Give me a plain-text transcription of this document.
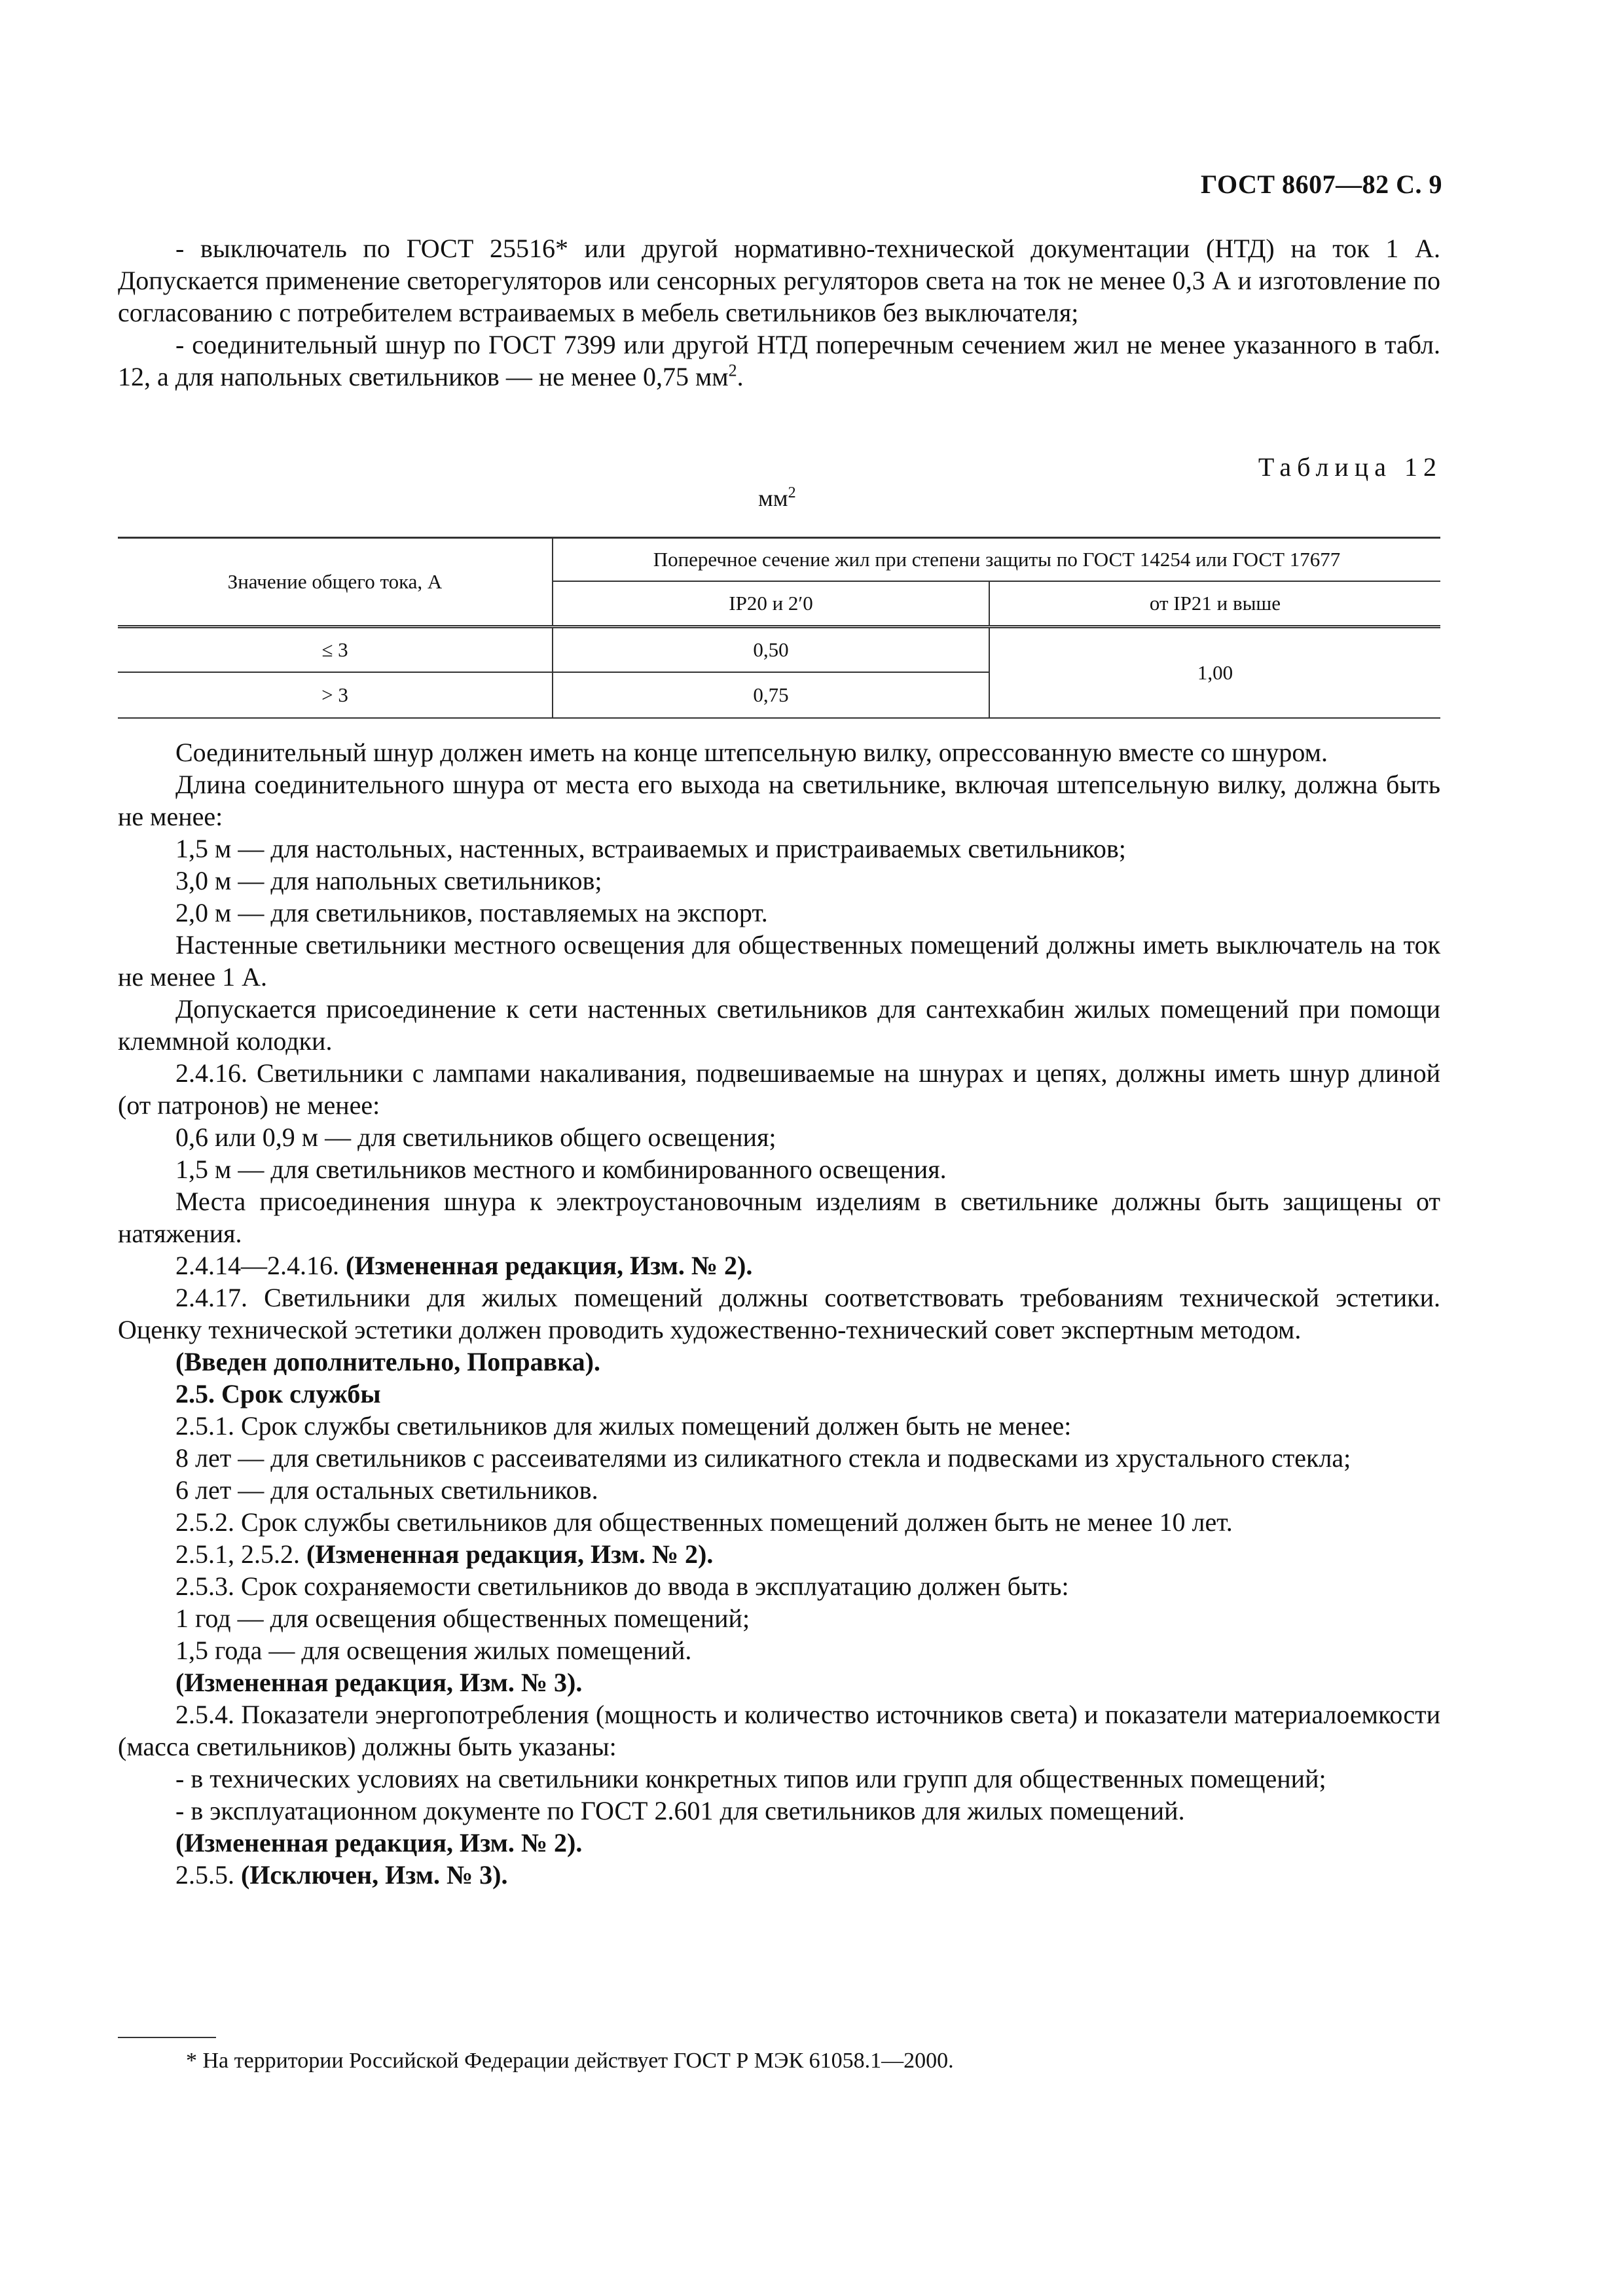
ГОСТ 8607—82 С. 9

- выключатель по ГОСТ 25516* или другой нормативно-технической документации (НТД) на ток 1 А. Допускается применение светорегуляторов или сенсорных регуляторов света на ток не менее 0,3 А и изготовление по согласованию с потребителем встраиваемых в мебель светильников без выключателя;

- соединительный шнур по ГОСТ 7399 или другой НТД поперечным сечением жил не менее указанного в табл. 12, а для напольных светильников — не менее 0,75 $мм^2$.

Таблица 12
$мм^2$
Значение общего тока, А	Поперечное сечение жил при степени защиты по ГОСТ 14254 или ГОСТ 17677	
	IP20 и 2′0	от IP21 и выше
≤ 3	0,50	1,00
> 3	0,75	

Соединительный шнур должен иметь на конце штепсельную вилку, опрессованную вместе со шнуром.

Длина соединительного шнура от места его выхода на светильнике, включая штепсельную вилку, должна быть не менее:

1,5 м — для настольных, настенных, встраиваемых и пристраиваемых светильников;

3,0 м — для напольных светильников;

2,0 м — для светильников, поставляемых на экспорт.

Настенные светильники местного освещения для общественных помещений должны иметь выключатель на ток не менее 1 А.

Допускается присоединение к сети настенных светильников для сантехкабин жилых помещений при помощи клеммной колодки.

2.4.16. Светильники с лампами накаливания, подвешиваемые на шнурах и цепях, должны иметь шнур длиной (от патронов) не менее:

0,6 или 0,9 м — для светильников общего освещения;

1,5 м — для светильников местного и комбинированного освещения.

Места присоединения шнура к электроустановочным изделиям в светильнике должны быть защищены от натяжения.

2.4.14—2.4.16. (Измененная редакция, Изм. № 2).

2.4.17. Светильники для жилых помещений должны соответствовать требованиям технической эстетики. Оценку технической эстетики должен проводить художественно-технический совет экспертным методом.

(Введен дополнительно, Поправка).

2.5. Срок службы

2.5.1. Срок службы светильников для жилых помещений должен быть не менее:

8 лет — для светильников с рассеивателями из силикатного стекла и подвесками из хрустального стекла;

6 лет — для остальных светильников.

2.5.2. Срок службы светильников для общественных помещений должен быть не менее 10 лет.

2.5.1, 2.5.2. (Измененная редакция, Изм. № 2).

2.5.3. Срок сохраняемости светильников до ввода в эксплуатацию должен быть:

1 год — для освещения общественных помещений;

1,5 года — для освещения жилых помещений.

(Измененная редакция, Изм. № 3).

2.5.4. Показатели энергопотребления (мощность и количество источников света) и показатели материалоемкости (масса светильников) должны быть указаны:

- в технических условиях на светильники конкретных типов или групп для общественных помещений;

- в эксплуатационном документе по ГОСТ 2.601 для светильников для жилых помещений.

(Измененная редакция, Изм. № 2).

2.5.5. (Исключен, Изм. № 3).

* На территории Российской Федерации действует ГОСТ Р МЭК 61058.1—2000.
